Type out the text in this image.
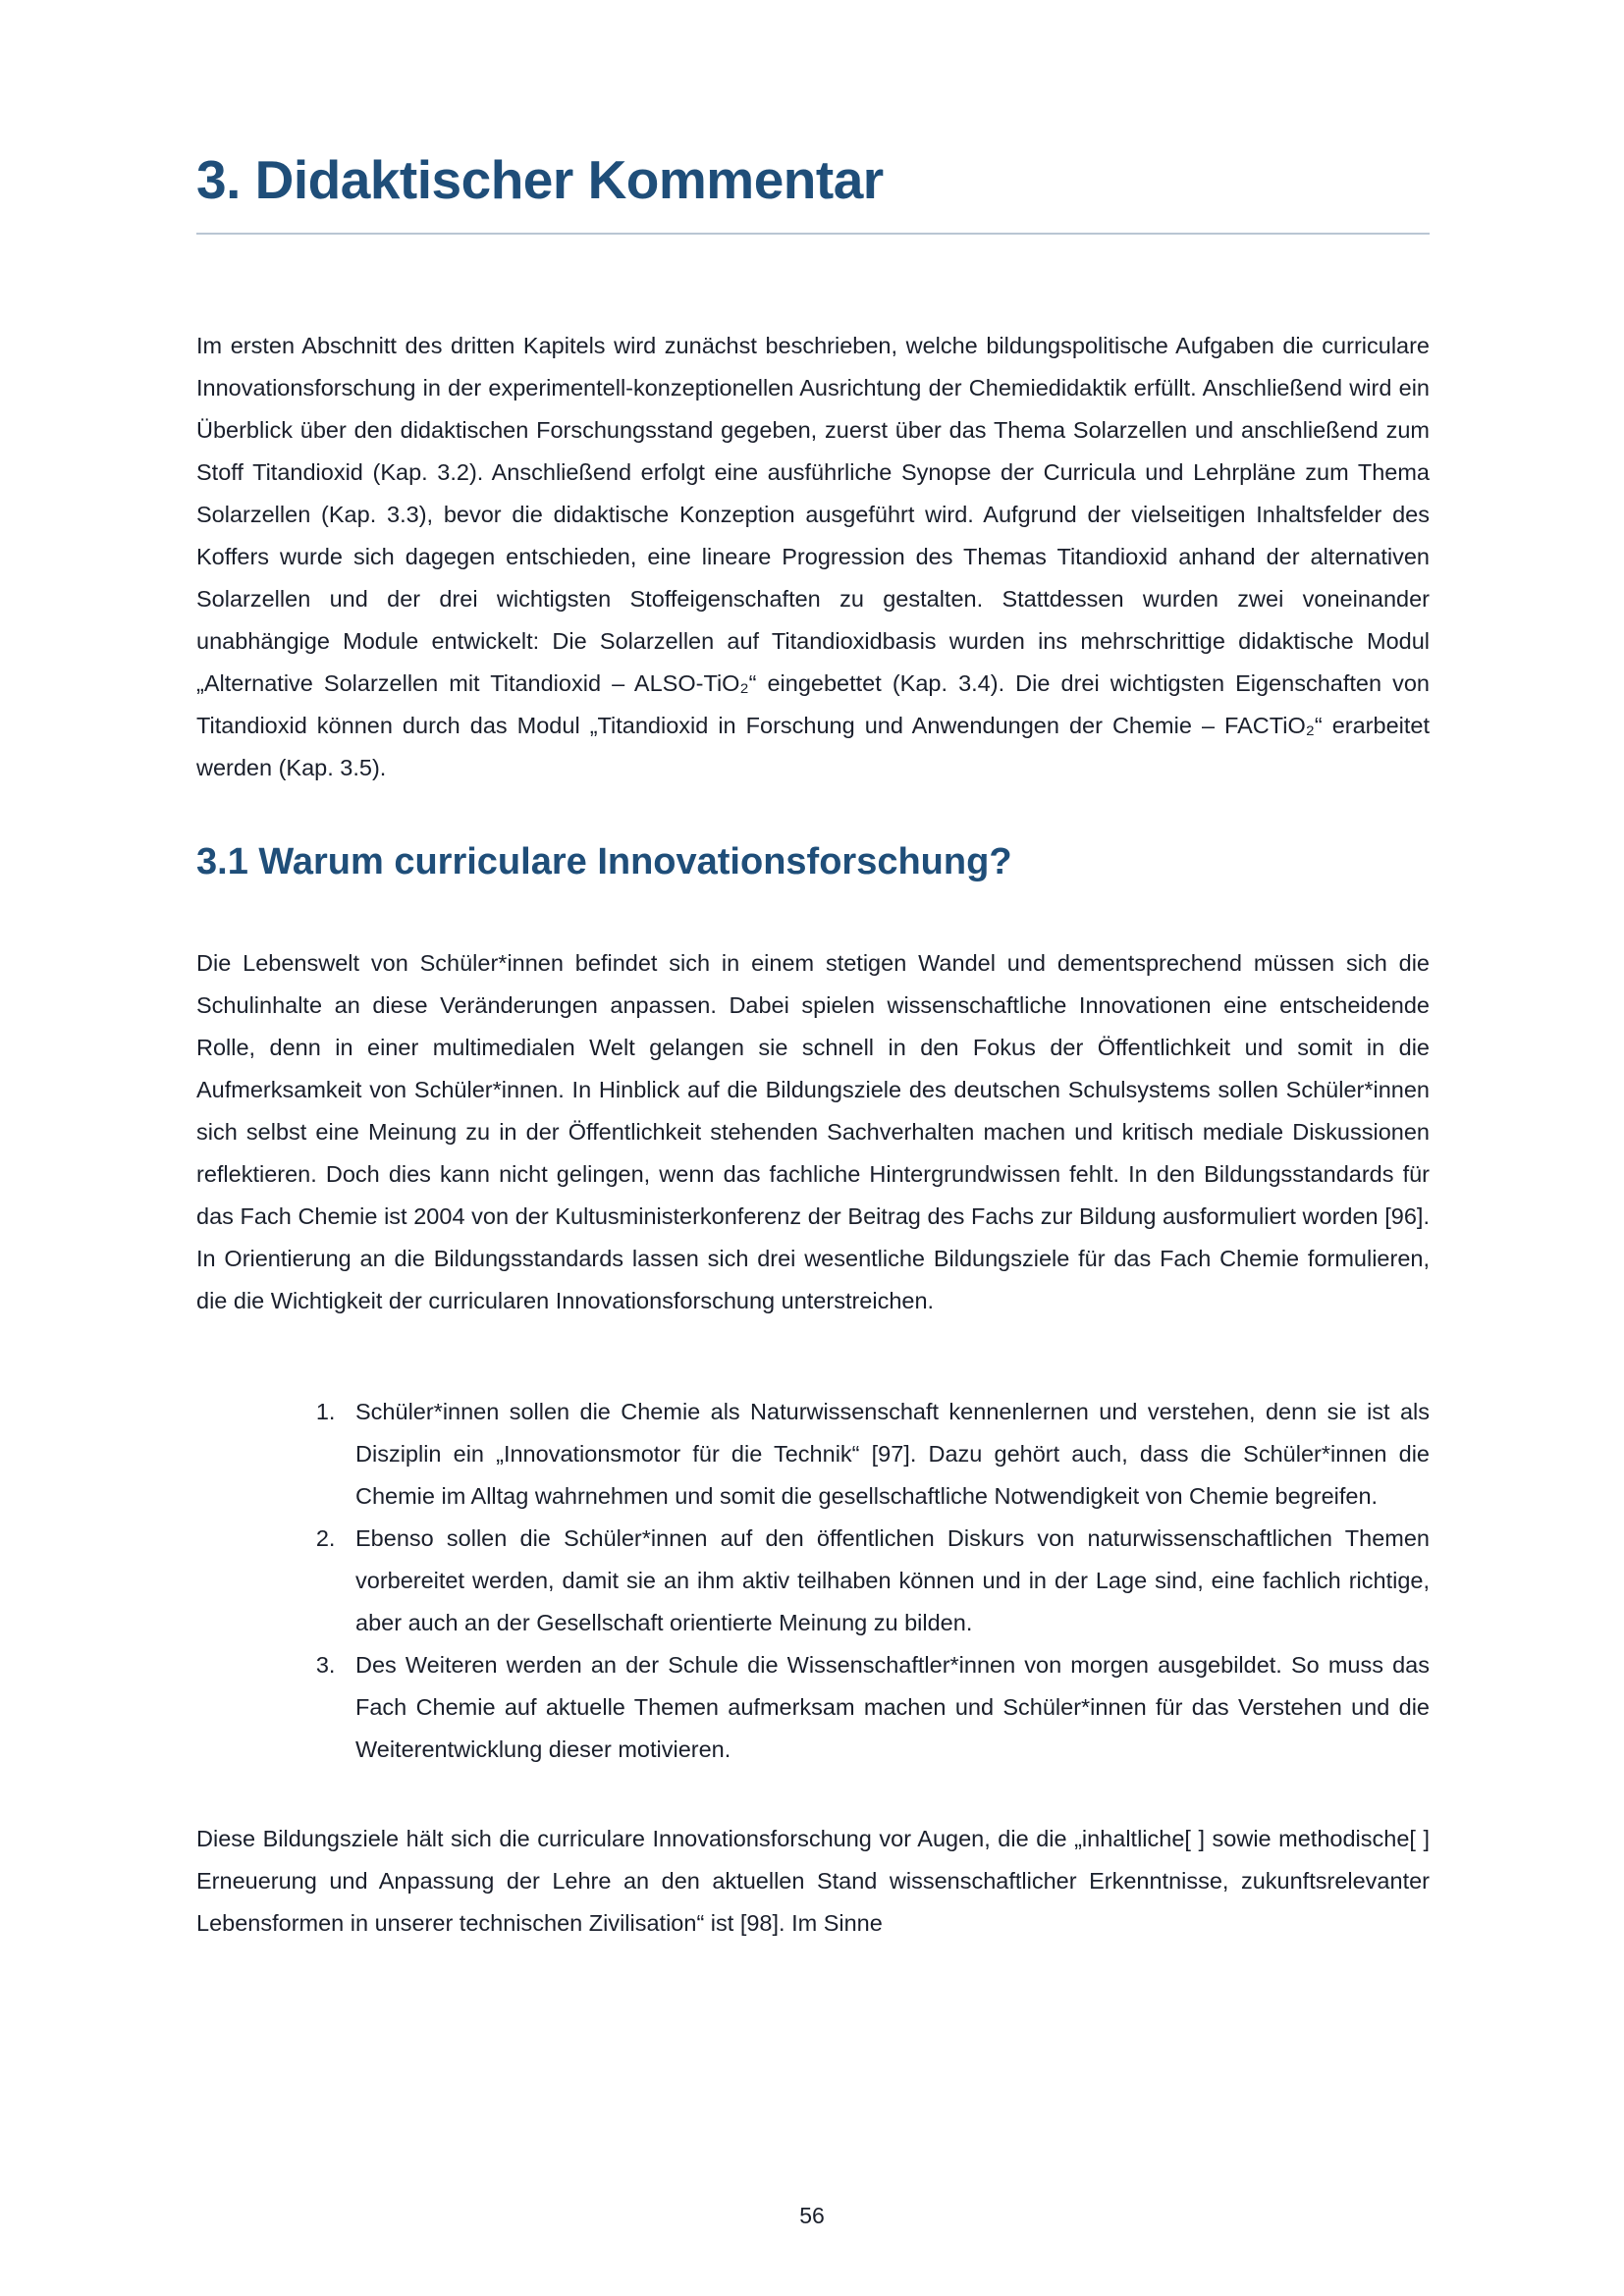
3. Didaktischer Kommentar

Im ersten Abschnitt des dritten Kapitels wird zunächst beschrieben, welche bildungspolitische Aufgaben die curriculare Innovationsforschung in der experimentell-konzeptionellen Ausrichtung der Chemiedidaktik erfüllt. Anschließend wird ein Überblick über den didaktischen Forschungsstand gegeben, zuerst über das Thema Solarzellen und anschließend zum Stoff Titandioxid (Kap. 3.2). Anschließend erfolgt eine ausführliche Synopse der Curricula und Lehrpläne zum Thema Solarzellen (Kap. 3.3), bevor die didaktische Konzeption ausgeführt wird. Aufgrund der vielseitigen Inhaltsfelder des Koffers wurde sich dagegen entschieden, eine lineare Progression des Themas Titandioxid anhand der alternativen Solarzellen und der drei wichtigsten Stoffeigenschaften zu gestalten. Stattdessen wurden zwei voneinander unabhängige Module entwickelt: Die Solarzellen auf Titandioxidbasis wurden ins mehrschrittige didaktische Modul „Alternative Solarzellen mit Titandioxid – ALSO-TiO₂“ eingebettet (Kap. 3.4). Die drei wichtigsten Eigenschaften von Titandioxid können durch das Modul „Titandioxid in Forschung und Anwendungen der Chemie – FACTiO₂“ erarbeitet werden (Kap. 3.5).

3.1 Warum curriculare Innovationsforschung?

Die Lebenswelt von Schüler*innen befindet sich in einem stetigen Wandel und dementsprechend müssen sich die Schulinhalte an diese Veränderungen anpassen. Dabei spielen wissenschaftliche Innovationen eine entscheidende Rolle, denn in einer multimedialen Welt gelangen sie schnell in den Fokus der Öffentlichkeit und somit in die Aufmerksamkeit von Schüler*innen. In Hinblick auf die Bildungsziele des deutschen Schulsystems sollen Schüler*innen sich selbst eine Meinung zu in der Öffentlichkeit stehenden Sachverhalten machen und kritisch mediale Diskussionen reflektieren. Doch dies kann nicht gelingen, wenn das fachliche Hintergrundwissen fehlt. In den Bildungsstandards für das Fach Chemie ist 2004 von der Kultusministerkonferenz der Beitrag des Fachs zur Bildung ausformuliert worden [96]. In Orientierung an die Bildungsstandards lassen sich drei wesentliche Bildungsziele für das Fach Chemie formulieren, die die Wichtigkeit der curricularen Innovationsforschung unterstreichen.

1. Schüler*innen sollen die Chemie als Naturwissenschaft kennenlernen und verstehen, denn sie ist als Disziplin ein „Innovationsmotor für die Technik“ [97]. Dazu gehört auch, dass die Schüler*innen die Chemie im Alltag wahrnehmen und somit die gesellschaftliche Notwendigkeit von Chemie begreifen.
2. Ebenso sollen die Schüler*innen auf den öffentlichen Diskurs von naturwissenschaftlichen Themen vorbereitet werden, damit sie an ihm aktiv teilhaben können und in der Lage sind, eine fachlich richtige, aber auch an der Gesellschaft orientierte Meinung zu bilden.
3. Des Weiteren werden an der Schule die Wissenschaftler*innen von morgen ausgebildet. So muss das Fach Chemie auf aktuelle Themen aufmerksam machen und Schüler*innen für das Verstehen und die Weiterentwicklung dieser motivieren.

Diese Bildungsziele hält sich die curriculare Innovationsforschung vor Augen, die die „inhaltliche[ ] sowie methodische[ ] Erneuerung und Anpassung der Lehre an den aktuellen Stand wissenschaftlicher Erkenntnisse, zukunftsrelevanter Lebensformen in unserer technischen Zivilisation“ ist [98]. Im Sinne

56
